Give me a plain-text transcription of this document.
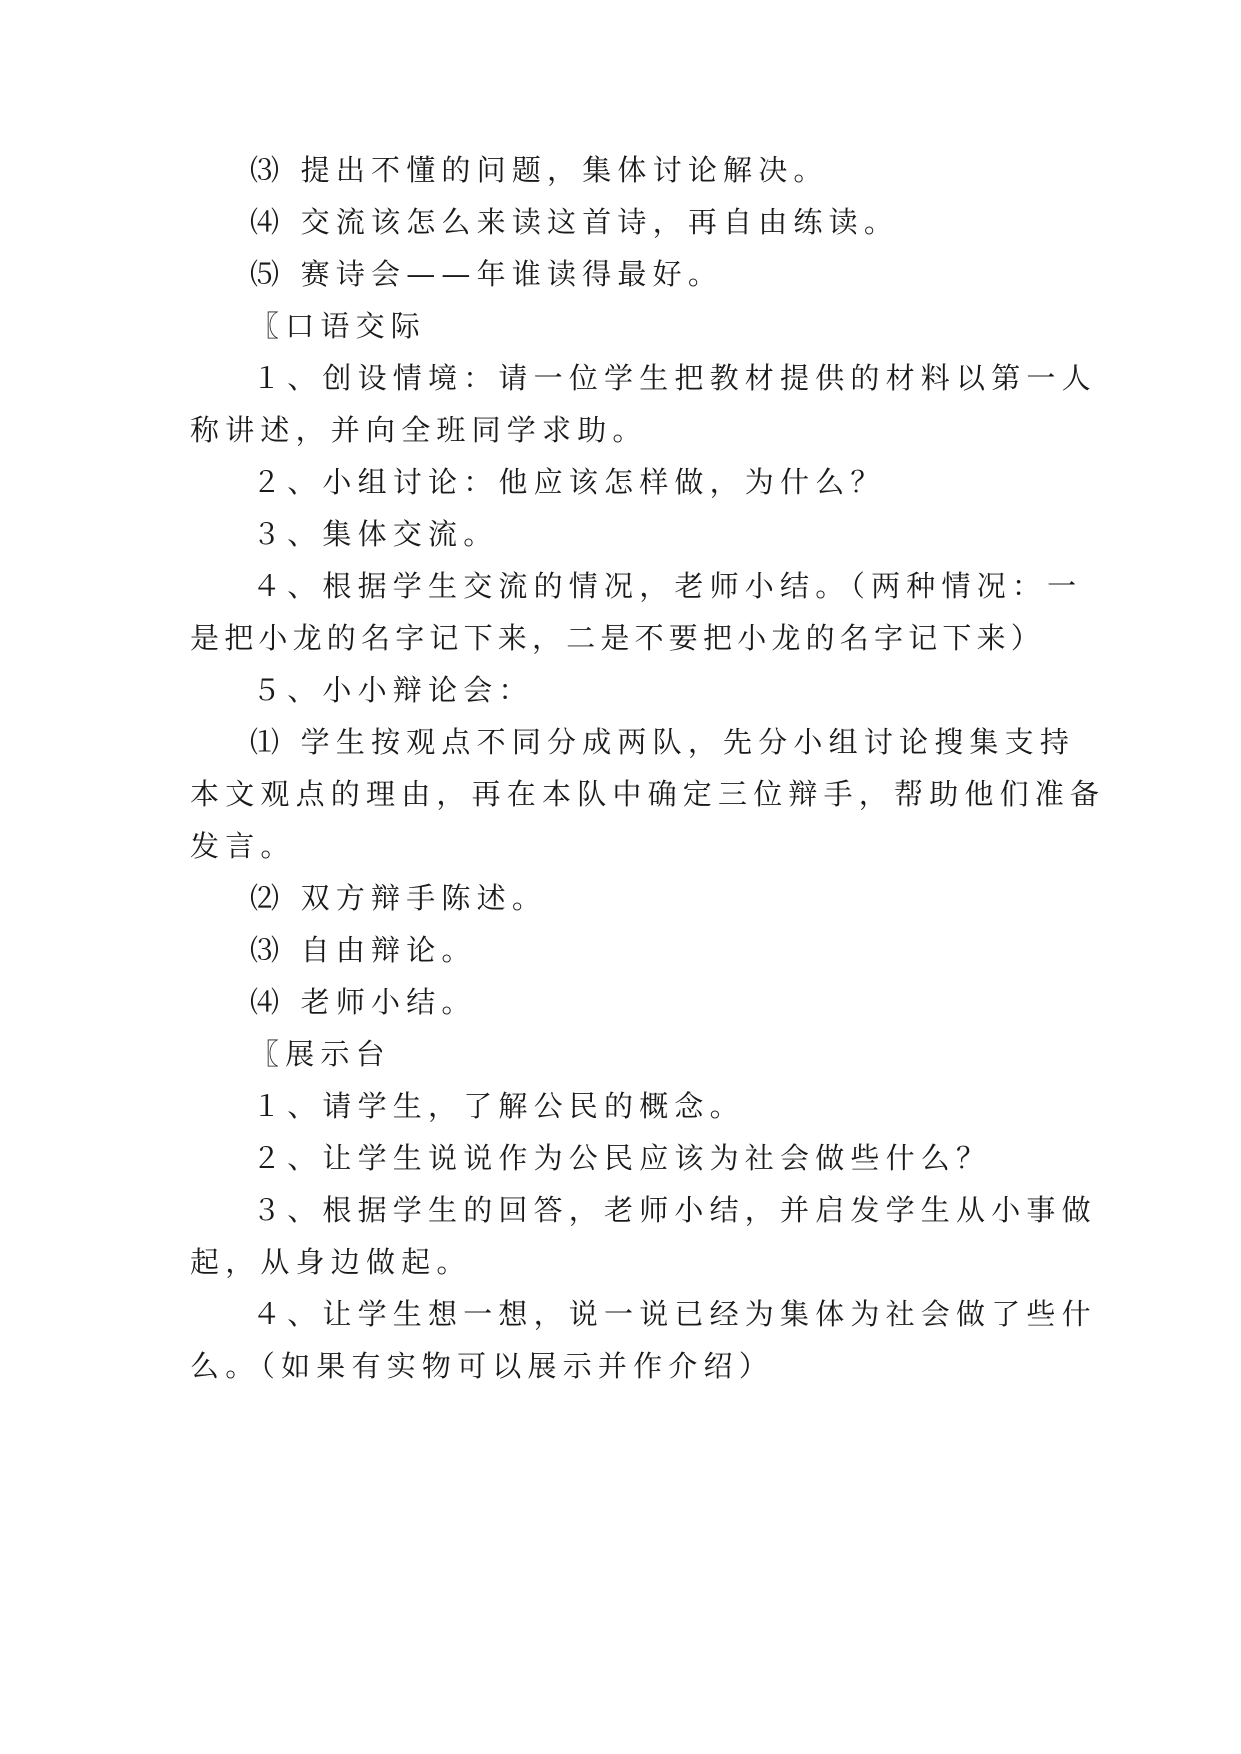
⑶ 提出不懂的问题，集体讨论解决。
⑷ 交流该怎么来读这首诗，再自由练读。
⑸ 赛诗会——年谁读得最好。
〖口语交际
１、创设情境：请一位学生把教材提供的材料以第一人
称讲述，并向全班同学求助。
２、小组讨论：他应该怎样做，为什么？
３、集体交流。
４、根据学生交流的情况，老师小结。（两种情况：一
是把小龙的名字记下来，二是不要把小龙的名字记下来）
５、小小辩论会：
⑴ 学生按观点不同分成两队，先分小组讨论搜集支持
本文观点的理由，再在本队中确定三位辩手，帮助他们准备
发言。
⑵ 双方辩手陈述。
⑶ 自由辩论。
⑷ 老师小结。
〖展示台
１、请学生，了解公民的概念。
２、让学生说说作为公民应该为社会做些什么？
３、根据学生的回答，老师小结，并启发学生从小事做
起，从身边做起。
４、让学生想一想，说一说已经为集体为社会做了些什
么。（如果有实物可以展示并作介绍）
